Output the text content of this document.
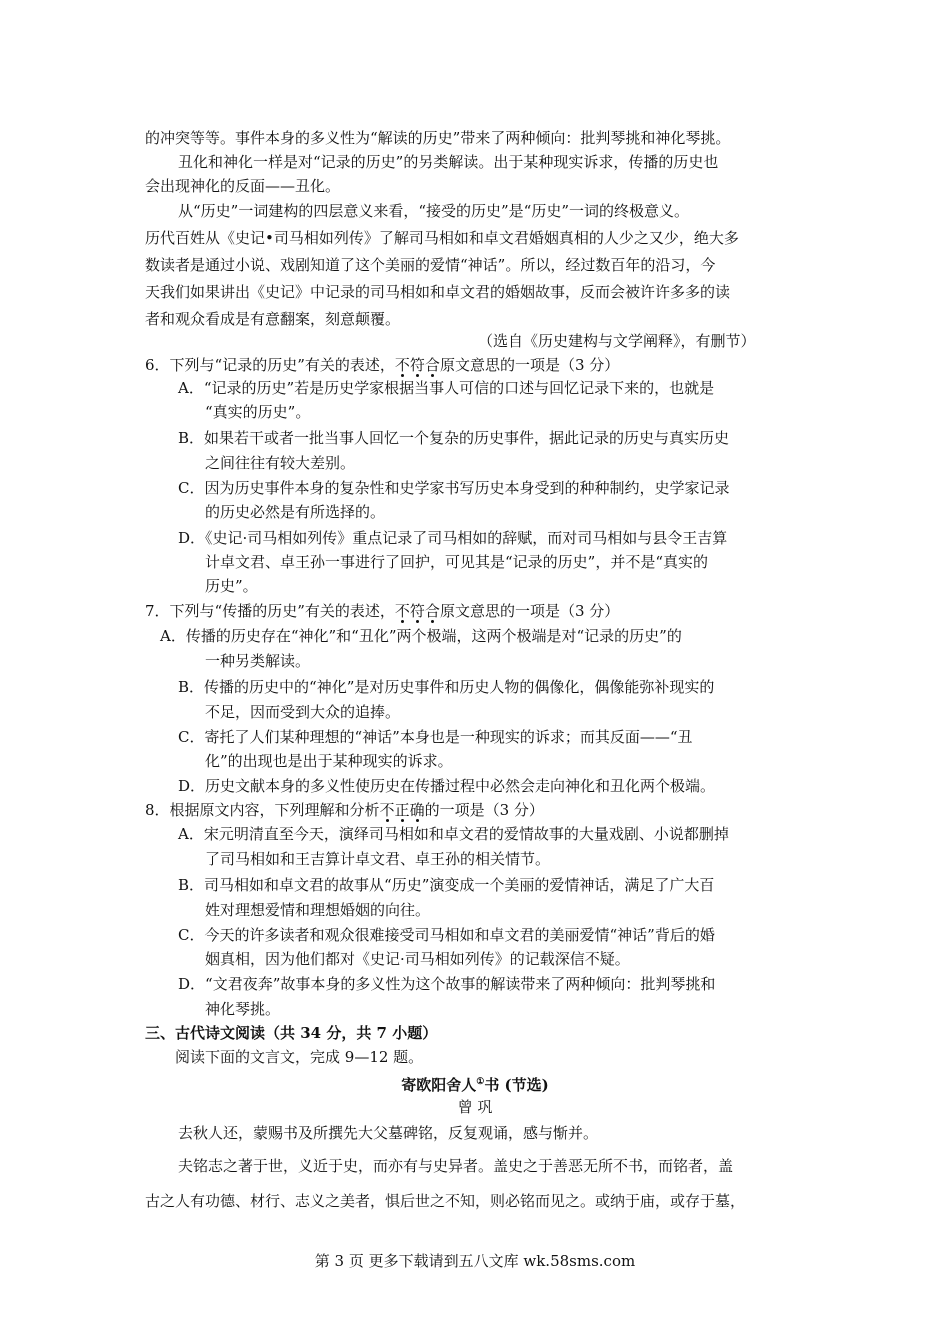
的冲突等等。事件本身的多义性为“解读的历史”带来了两种倾向：批判琴挑和神化琴挑。
丑化和神化一样是对“记录的历史”的另类解读。出于某种现实诉求，传播的历史也
会出现神化的反面——丑化。
从“历史”一词建构的四层意义来看，“接受的历史”是“历史”一词的终极意义。
历代百姓从《史记•司马相如列传》了解司马相如和卓文君婚姻真相的人少之又少，绝大多
数读者是通过小说、戏剧知道了这个美丽的爱情“神话”。所以，经过数百年的沿习，今
天我们如果讲出《史记》中记录的司马相如和卓文君的婚姻故事，反而会被许许多多的读
者和观众看成是有意翻案，刻意颠覆。
（选自《历史建构与文学阐释》，有删节）
6．下列与“记录的历史”有关的表述，不符合原文意思的一项是（3 分）
A．“记录的历史”若是历史学家根据当事人可信的口述与回忆记录下来的，也就是
“真实的历史”。
B．如果若干或者一批当事人回忆一个复杂的历史事件，据此记录的历史与真实历史
之间往往有较大差别。
C．因为历史事件本身的复杂性和史学家书写历史本身受到的种种制约，史学家记录
的历史必然是有所选择的。
D．《史记·司马相如列传》重点记录了司马相如的辞赋，而对司马相如与县令王吉算
计卓文君、卓王孙一事进行了回护，可见其是“记录的历史”，并不是“真实的
历史”。
7．下列与“传播的历史”有关的表述，不符合原文意思的一项是（3 分）
A．传播的历史存在“神化”和“丑化”两个极端，这两个极端是对“记录的历史”的
一种另类解读。
B．传播的历史中的“神化”是对历史事件和历史人物的偶像化，偶像能弥补现实的
不足，因而受到大众的追捧。
C．寄托了人们某种理想的“神话”本身也是一种现实的诉求；而其反面——“丑
化”的出现也是出于某种现实的诉求。
D．历史文献本身的多义性使历史在传播过程中必然会走向神化和丑化两个极端。
8．根据原文内容，下列理解和分析不正确的一项是（3 分）
A．宋元明清直至今天，演绎司马相如和卓文君的爱情故事的大量戏剧、小说都删掉
了司马相如和王吉算计卓文君、卓王孙的相关情节。
B．司马相如和卓文君的故事从“历史”演变成一个美丽的爱情神话，满足了广大百
姓对理想爱情和理想婚姻的向往。
C．今天的许多读者和观众很难接受司马相如和卓文君的美丽爱情“神话”背后的婚
姻真相，因为他们都对《史记·司马相如列传》的记载深信不疑。
D．“文君夜奔”故事本身的多义性为这个故事的解读带来了两种倾向：批判琴挑和
神化琴挑。
三、古代诗文阅读（共 34 分，共 7 小题）
阅读下面的文言文，完成 9—12 题。
寄欧阳舍人①书 (节选)
曾 巩
去秋人还，蒙赐书及所撰先大父墓碑铭，反复观诵，感与惭并。
夫铭志之著于世，义近于史，而亦有与史异者。盖史之于善恶无所不书，而铭者，盖
古之人有功德、材行、志义之美者，惧后世之不知，则必铭而见之。或纳于庙，或存于墓，
第 3 页 更多下载请到五八文库 wk.58sms.com
